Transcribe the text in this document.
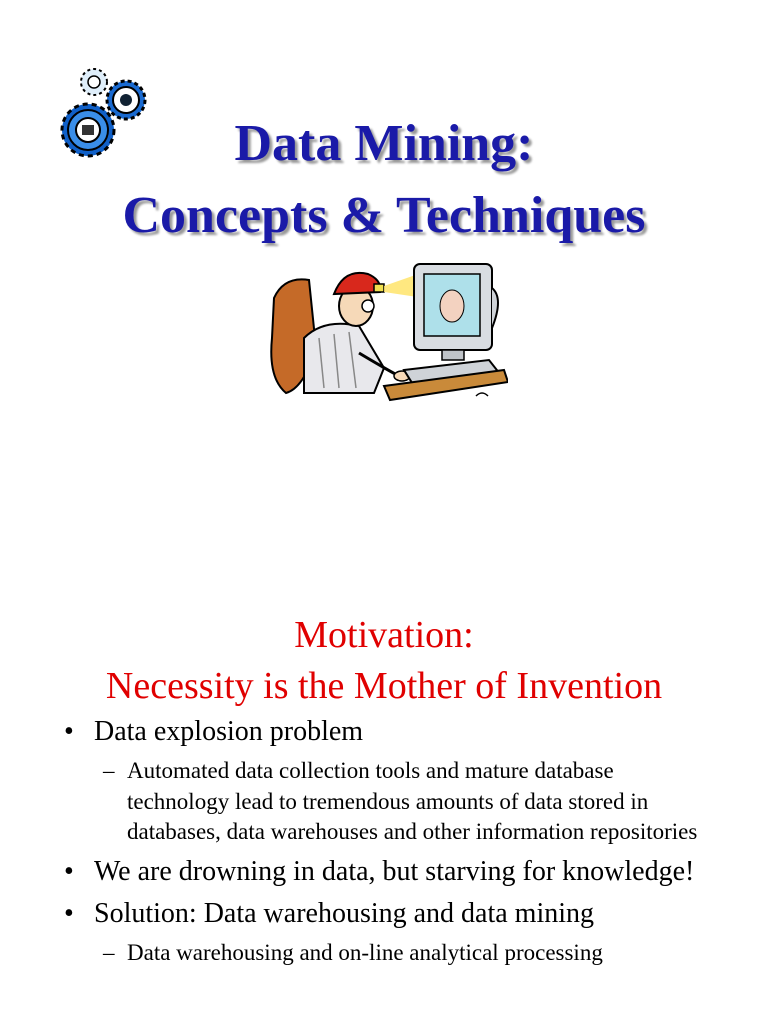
Data Mining:
Concepts & Techniques
Motivation:
Necessity is the Mother of Invention
• Data explosion problem
– Automated data collection tools and mature database technology lead to tremendous amounts of data stored in databases, data warehouses and other information repositories
• We are drowning in data, but starving for knowledge!
• Solution: Data warehousing and data mining
– Data warehousing and on-line analytical processing
